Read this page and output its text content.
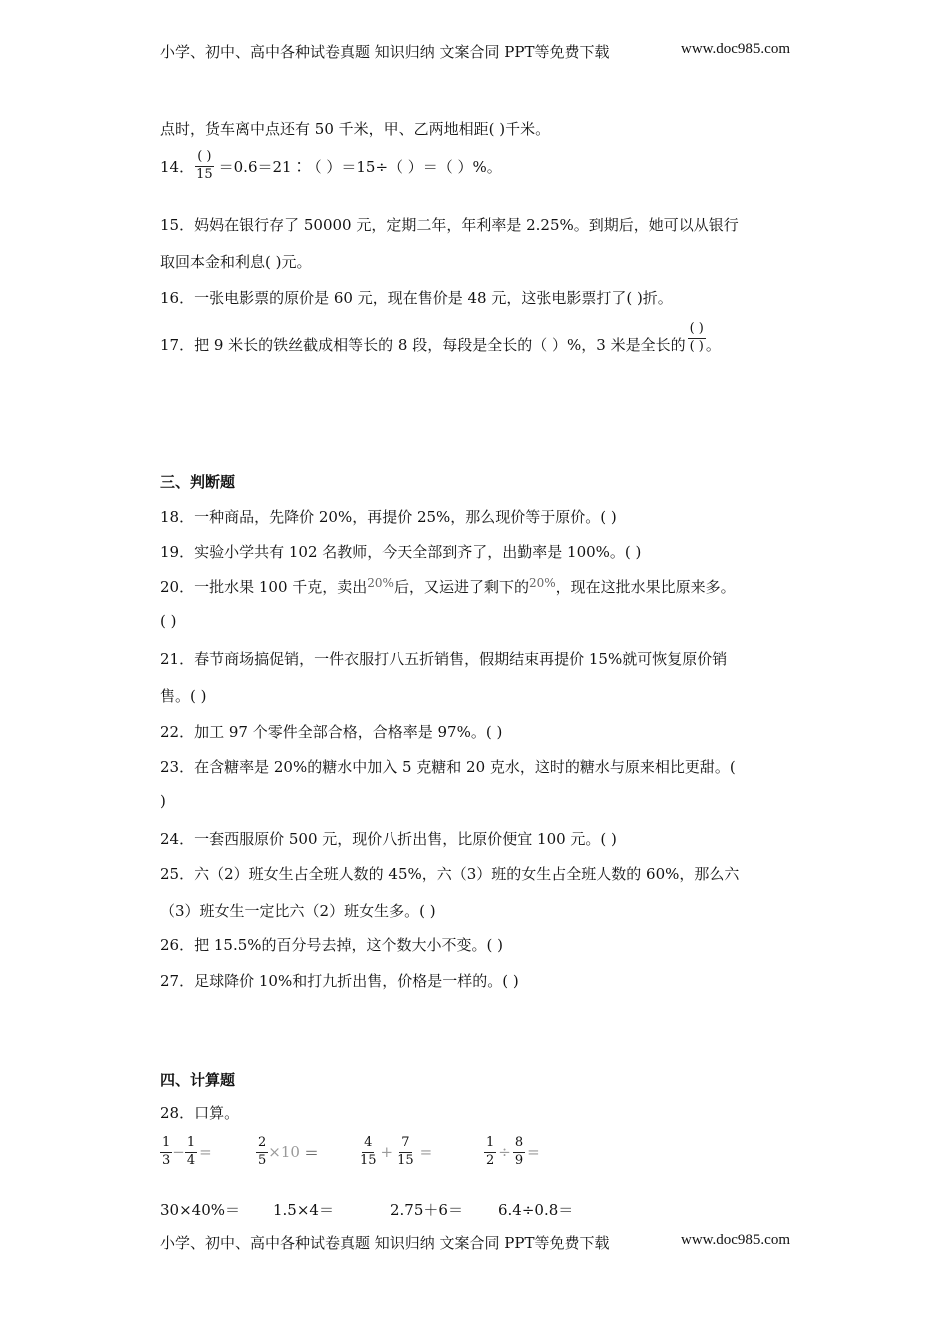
小学、初中、高中各种试卷真题 知识归纳 文案合同 PPT等免费下载	www.doc985.com
点时，货车离中点还有 50 千米，甲、乙两地相距( )千米。
14． $\frac{( )}{15}$ ＝0.6＝21∶（ ）＝15÷（ ）＝（ ）%。
15．妈妈在银行存了 50000 元，定期二年，年利率是 2.25%。到期后，她可以从银行
取回本金和利息( )元。
16．一张电影票的原价是 60 元，现在售价是 48 元，这张电影票打了( )折。
17．把 9 米长的铁丝截成相等长的 8 段，每段是全长的（ ）%，3 米是全长的 $\frac{( )}{( )}$ 。
三、判断题
18．一种商品，先降价 20%，再提价 25%，那么现价等于原价。( )
19．实验小学共有 102 名教师，今天全部到齐了，出勤率是 100%。( )
20．一批水果 100 千克，卖出$^{20\%}$后，又运进了剩下的$^{20\%}$，现在这批水果比原来多。
( )
21．春节商场搞促销，一件衣服打八五折销售，假期结束再提价 15%就可恢复原价销
售。( )
22．加工 97 个零件全部合格，合格率是 97%。( )
23．在含糖率是 20%的糖水中加入 5 克糖和 20 克水，这时的糖水与原来相比更甜。(
)
24．一套西服原价 500 元，现价八折出售，比原价便宜 100 元。( )
25．六（2）班女生占全班人数的 45%，六（3）班的女生占全班人数的 60%，那么六
（3）班女生一定比六（2）班女生多。( )
26．把 15.5%的百分号去掉，这个数大小不变。( )
27．足球降价 10%和打九折出售，价格是一样的。( )
四、计算题
28．口算。
$\frac{1}{3} - \frac{1}{4}$ =	$\frac{2}{5} \times 10$ ＝	$\frac{4}{15} + \frac{7}{15}$ =	$\frac{1}{2} \div \frac{8}{9}$ =
30×40%＝	1.5×4＝	2.75＋6＝	6.4÷0.8＝
小学、初中、高中各种试卷真题 知识归纳 文案合同 PPT等免费下载	www.doc985.com
